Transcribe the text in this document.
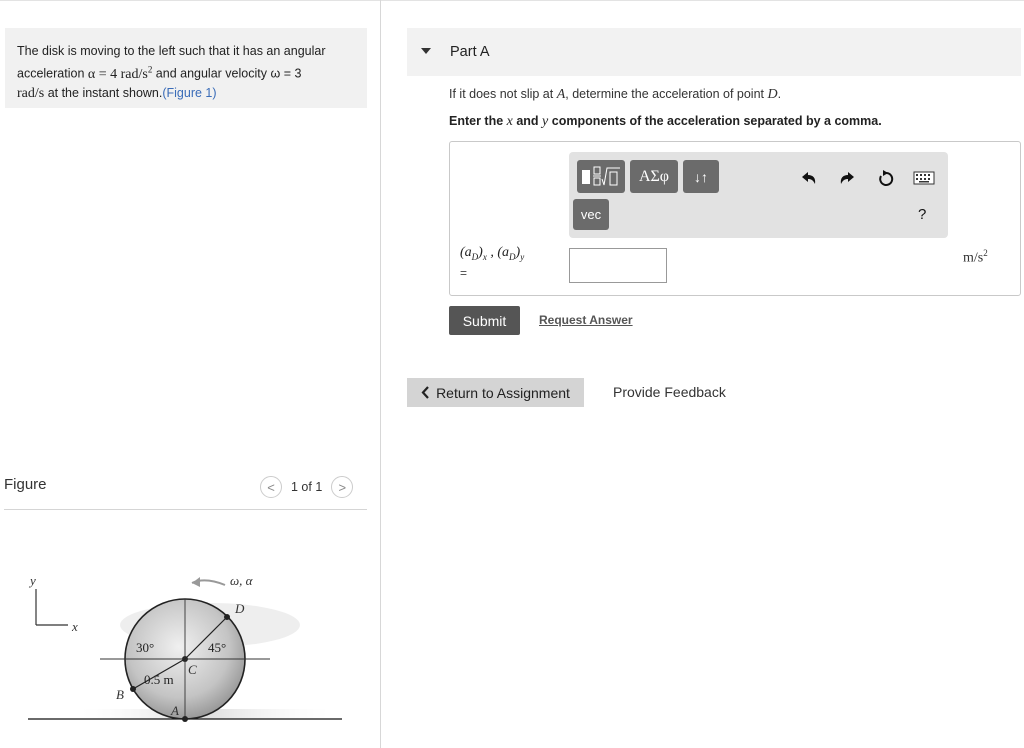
The disk is moving to the left such that it has an angular
acceleration α = 4 rad/$s^2$ and angular velocity ω = 3
rad/s at the instant shown.(Figure 1)

Figure	< 1 of 1 >
y
x
ω, α
D
C
B
A
30°	45°
0.5 m
Part A
If it does not slip at A, determine the acceleration of point D.
Enter the x and y components of the acceleration separated by a comma.
ΑΣφ	↓↑
vec	?
$(a_D)_x$ , $(a_D)_y$
=
$m/s^2$
Submit	Request Answer
Return to Assignment	Provide Feedback
